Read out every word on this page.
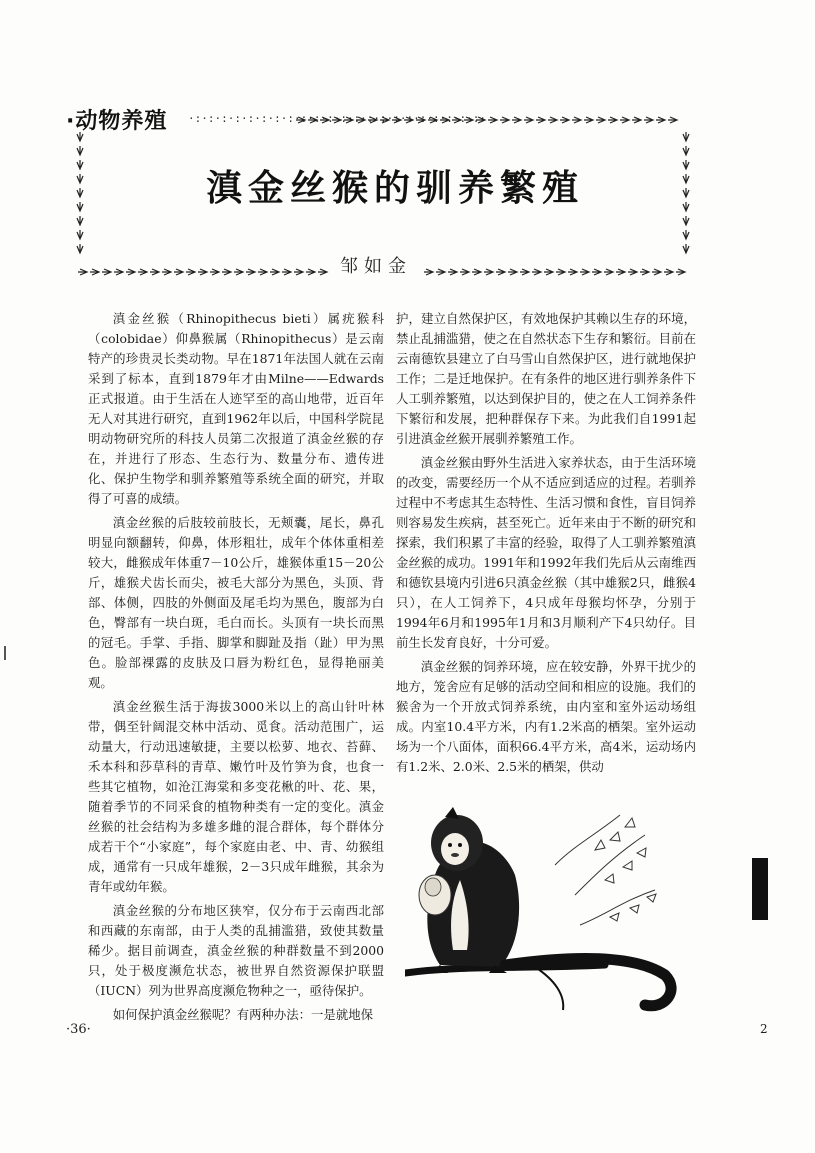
·动物养殖 ·:·:·:·:·:·:·:·:·:·:·:·:·:·:·:·:·:·:·:·:·:·:·
滇金丝猴的驯养繁殖
邹如金

滇金丝猴（Rhinopithecus bieti）属疣猴科（colobidae）仰鼻猴属（Rhinopithecus）是云南特产的珍贵灵长类动物。早在1871年法国人就在云南采到了标本，直到1879年才由Milne——Edwards正式报道。由于生活在人迹罕至的高山地带，近百年无人对其进行研究，直到1962年以后，中国科学院昆明动物研究所的科技人员第二次报道了滇金丝猴的存在，并进行了形态、生态行为、数量分布、遗传进化、保护生物学和驯养繁殖等系统全面的研究，并取得了可喜的成绩。

滇金丝猴的后肢较前肢长，无颊囊，尾长，鼻孔明显向额翻转，仰鼻，体形粗壮，成年个体体重相差较大，雌猴成年体重7－10公斤，雄猴体重15－20公斤，雄猴犬齿长而尖，被毛大部分为黑色，头顶、背部、体侧，四肢的外侧面及尾毛均为黑色，腹部为白色，臀部有一块白斑，毛白而长。头顶有一块长而黑的冠毛。手掌、手指、脚掌和脚趾及指（趾）甲为黑色。脸部裸露的皮肤及口唇为粉红色，显得艳丽美观。

滇金丝猴生活于海拔3000米以上的高山针叶林带，偶至针阔混交林中活动、觅食。活动范围广，运动量大，行动迅速敏捷，主要以松萝、地衣、苔藓、禾本科和莎草科的青草、嫩竹叶及竹笋为食，也食一些其它植物，如沧江海棠和多变花楸的叶、花、果，随着季节的不同采食的植物种类有一定的变化。滇金丝猴的社会结构为多雄多雌的混合群体，每个群体分成若干个“小家庭”，每个家庭由老、中、青、幼猴组成，通常有一只成年雄猴，2－3只成年雌猴，其余为青年或幼年猴。

滇金丝猴的分布地区狭窄，仅分布于云南西北部和西藏的东南部，由于人类的乱捕滥猎，致使其数量稀少。据目前调查，滇金丝猴的种群数量不到2000只，处于极度濒危状态，被世界自然资源保护联盟（IUCN）列为世界高度濒危物种之一，亟待保护。

如何保护滇金丝猴呢？有两种办法：一是就地保

护，建立自然保护区，有效地保护其赖以生存的环境，禁止乱捕滥猎，使之在自然状态下生存和繁衍。目前在云南德钦县建立了白马雪山自然保护区，进行就地保护工作；二是迁地保护。在有条件的地区进行驯养条件下人工驯养繁殖，以达到保护目的，使之在人工饲养条件下繁衍和发展，把种群保存下来。为此我们自1991起引进滇金丝猴开展驯养繁殖工作。

滇金丝猴由野外生活进入家养状态，由于生活环境的改变，需要经历一个从不适应到适应的过程。若驯养过程中不考虑其生态特性、生活习惯和食性，盲目饲养则容易发生疾病，甚至死亡。近年来由于不断的研究和探索，我们积累了丰富的经验，取得了人工驯养繁殖滇金丝猴的成功。1991年和1992年我们先后从云南维西和德钦县境内引进6只滇金丝猴（其中雄猴2只，雌猴4只），在人工饲养下，4只成年母猴均怀孕，分别于1994年6月和1995年1月和3月顺利产下4只幼仔。目前生长发育良好，十分可爱。

滇金丝猴的饲养环境，应在较安静，外界干扰少的地方，笼舍应有足够的活动空间和相应的设施。我们的猴舍为一个开放式饲养系统，由内室和室外运动场组成。内室10.4平方米，内有1.2米高的栖架。室外运动场为一个八面体，面积66.4平方米，高4米，运动场内有1.2米、2.0米、2.5米的栖架，供动

2
·36·
